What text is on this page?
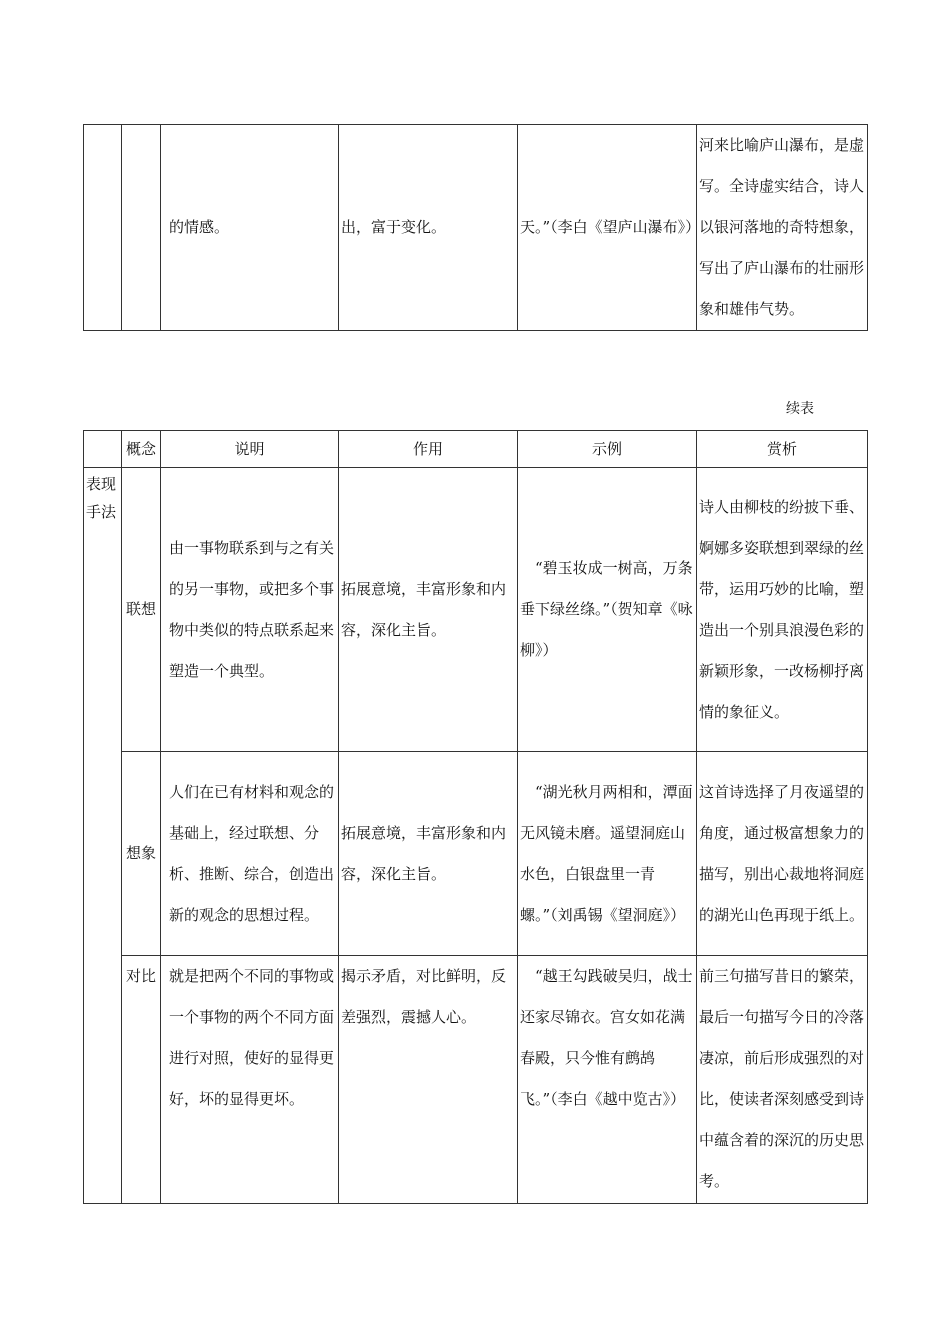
		的情感。	出，富于变化。	天。”（李白《望庐山瀑布》）	河来比喻庐山瀑布，是虚写。全诗虚实结合，诗人以银河落地的奇特想象，写出了庐山瀑布的壮丽形象和雄伟气势。
续表
	概念	说明	作用	示例	赏析
表现手法	联想	由一事物联系到与之有关的另一事物，或把多个事物中类似的特点联系起来塑造一个典型。	拓展意境，丰富形象和内容，深化主旨。	“碧玉妆成一树高，万条垂下绿丝绦。”（贺知章《咏柳》）	诗人由柳枝的纷披下垂、婀娜多姿联想到翠绿的丝带，运用巧妙的比喻，塑造出一个别具浪漫色彩的新颖形象，一改杨柳抒离情的象征义。
	想象	人们在已有材料和观念的基础上，经过联想、分析、推断、综合，创造出新的观念的思想过程。	拓展意境，丰富形象和内容，深化主旨。	“湖光秋月两相和，潭面无风镜未磨。遥望洞庭山水色，白银盘里一青螺。”（刘禹锡《望洞庭》）	这首诗选择了月夜遥望的角度，通过极富想象力的描写，别出心裁地将洞庭的湖光山色再现于纸上。
	对比	就是把两个不同的事物或一个事物的两个不同方面进行对照，使好的显得更好，坏的显得更坏。	揭示矛盾，对比鲜明，反差强烈，震撼人心。	“越王勾践破吴归，战士还家尽锦衣。宫女如花满春殿，只今惟有鹧鸪飞。”（李白《越中览古》）	前三句描写昔日的繁荣，最后一句描写今日的冷落凄凉，前后形成强烈的对比，使读者深刻感受到诗中蕴含着的深沉的历史思考。
